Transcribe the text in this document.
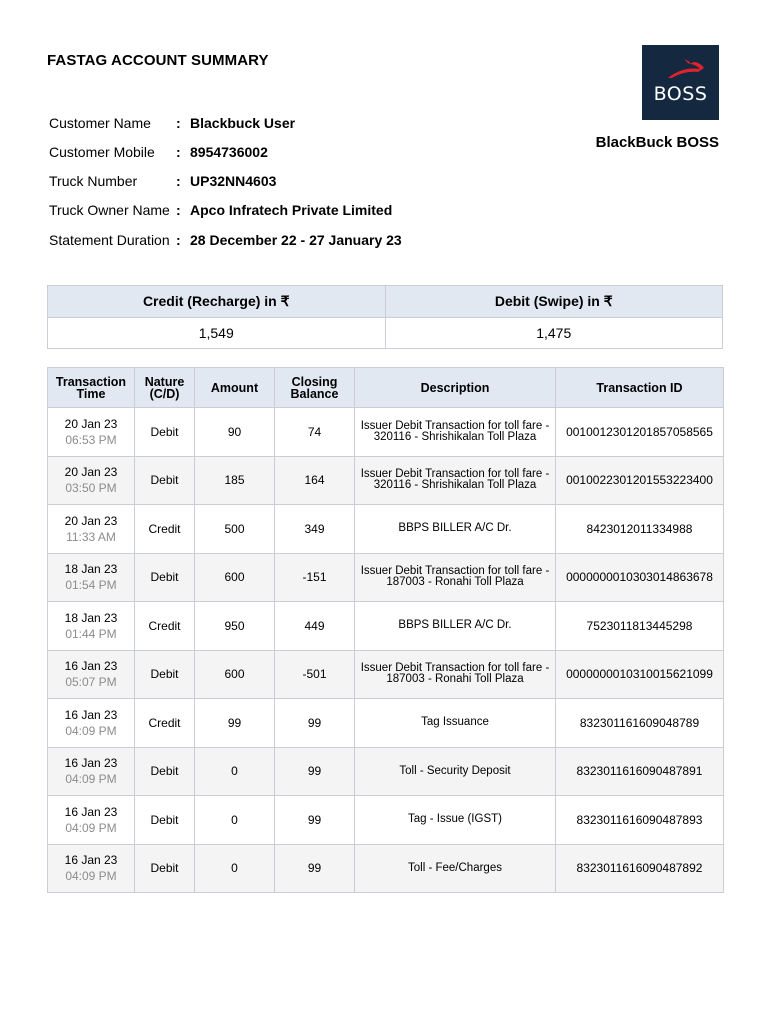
FASTAG ACCOUNT SUMMARY
BOSS
BlackBuck BOSS
Customer Name	: Blackbuck User
Customer Mobile	: 8954736002
Truck Number	: UP32NN4603
Truck Owner Name : Apco Infratech Private Limited
Statement Duration : 28 December 22 - 27 January 23
Credit (Recharge) in ₹	Debit (Swipe) in ₹
1,549	1,475
Transaction Time	Nature (C/D)	Amount	Closing Balance	Description	Transaction ID

20 Jan 23
06:53 PM	Debit	90	74	Issuer Debit Transaction for toll fare - 320116 - Shrishikalan Toll Plaza	0010012301201857058565

20 Jan 23
03:50 PM	Debit	185	164	Issuer Debit Transaction for toll fare - 320116 - Shrishikalan Toll Plaza	0010022301201553223400

20 Jan 23
11:33 AM	Credit	500	349	BBPS BILLER A/C Dr.	8423012011334988

18 Jan 23
01:54 PM	Debit	600	-151	Issuer Debit Transaction for toll fare - 187003 - Ronahi Toll Plaza	0000000010303014863678

18 Jan 23
01:44 PM	Credit	950	449	BBPS BILLER A/C Dr.	7523011813445298

16 Jan 23
05:07 PM	Debit	600	-501	Issuer Debit Transaction for toll fare - 187003 - Ronahi Toll Plaza	0000000010310015621099

16 Jan 23
04:09 PM	Credit	99	99	Tag Issuance	832301161609048789

16 Jan 23
04:09 PM	Debit	0	99	Toll - Security Deposit	8323011616090487891

16 Jan 23
04:09 PM	Debit	0	99	Tag - Issue (IGST)	8323011616090487893

16 Jan 23
04:09 PM	Debit	0	99	Toll - Fee/Charges	8323011616090487892
